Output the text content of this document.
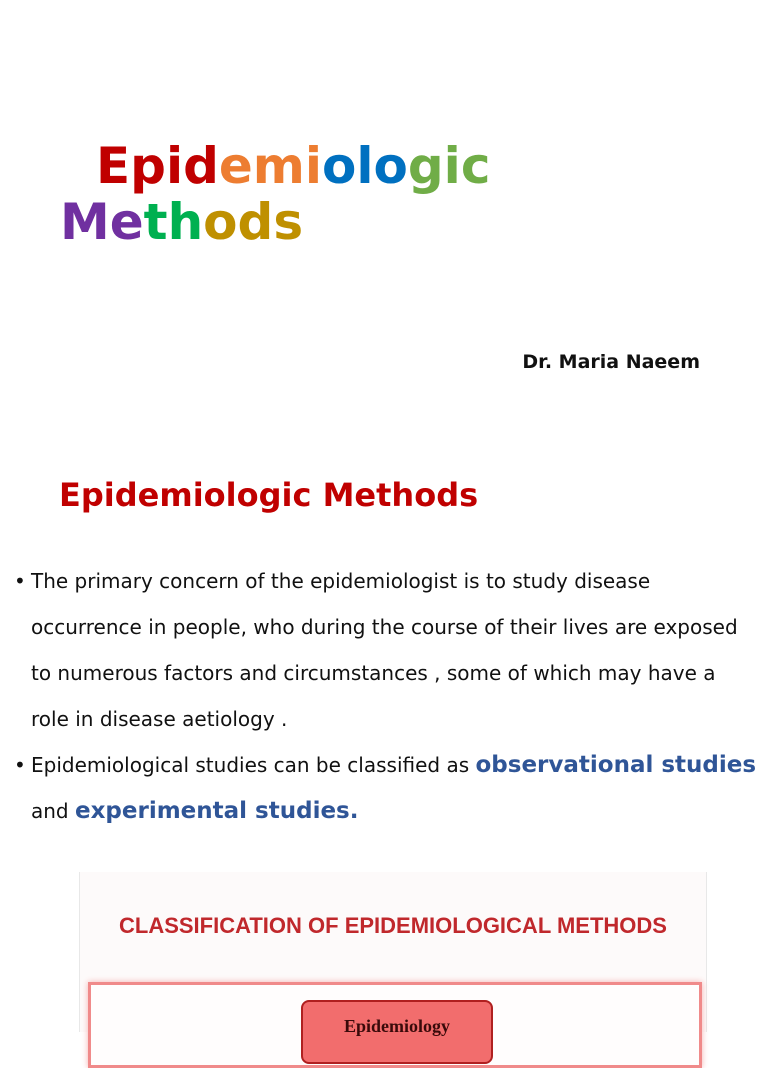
Epidemiologic
Methods
Dr. Maria Naeem
Epidemiologic Methods
• The primary concern of the epidemiologist is to study disease occurrence in people, who during the course of their lives are exposed to numerous factors and circumstances , some of which may have a role in disease aetiology .
• Epidemiological studies can be classified as observational studies and experimental studies.
CLASSIFICATION OF EPIDEMIOLOGICAL METHODS
Epidemiology
